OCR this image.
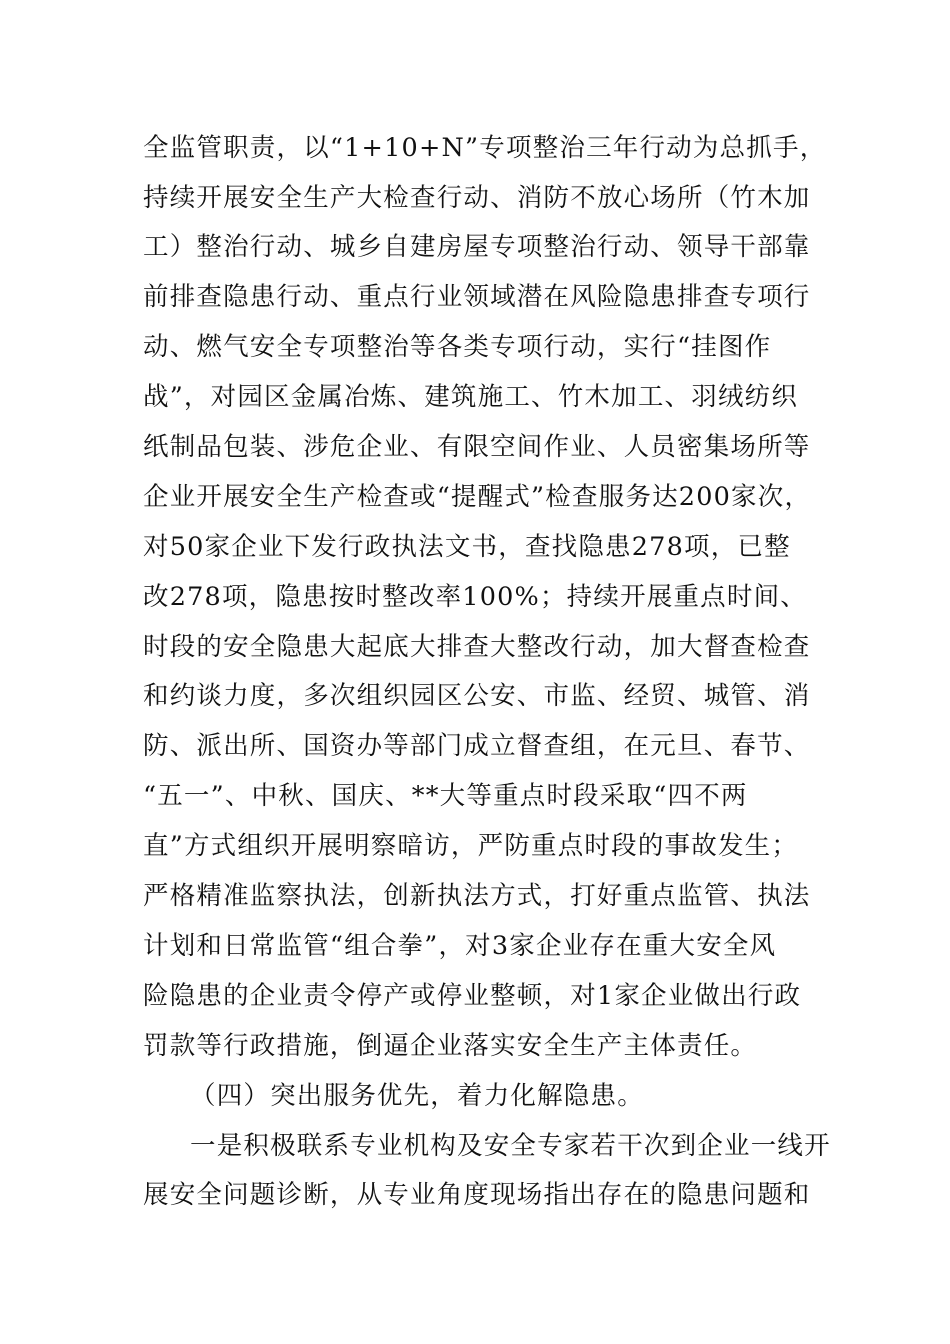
全监管职责，以“1+10+N”专项整治三年行动为总抓手，
持续开展安全生产大检查行动、消防不放心场所（竹木加
工）整治行动、城乡自建房屋专项整治行动、领导干部靠
前排查隐患行动、重点行业领域潜在风险隐患排查专项行
动、燃气安全专项整治等各类专项行动，实行“挂图作
战”，对园区金属冶炼、建筑施工、竹木加工、羽绒纺织
纸制品包装、涉危企业、有限空间作业、人员密集场所等
企业开展安全生产检查或“提醒式”检查服务达200家次，
对50家企业下发行政执法文书，查找隐患278项，已整
改278项，隐患按时整改率100%；持续开展重点时间、
时段的安全隐患大起底大排查大整改行动，加大督查检查
和约谈力度，多次组织园区公安、市监、经贸、城管、消
防、派出所、国资办等部门成立督查组，在元旦、春节、
“五一”、中秋、国庆、**大等重点时段采取“四不两
直”方式组织开展明察暗访，严防重点时段的事故发生；
严格精准监察执法，创新执法方式，打好重点监管、执法
计划和日常监管“组合拳”，对3家企业存在重大安全风
险隐患的企业责令停产或停业整顿，对1家企业做出行政
罚款等行政措施，倒逼企业落实安全生产主体责任。
（四）突出服务优先，着力化解隐患。
一是积极联系专业机构及安全专家若干次到企业一线开
展安全问题诊断，从专业角度现场指出存在的隐患问题和
